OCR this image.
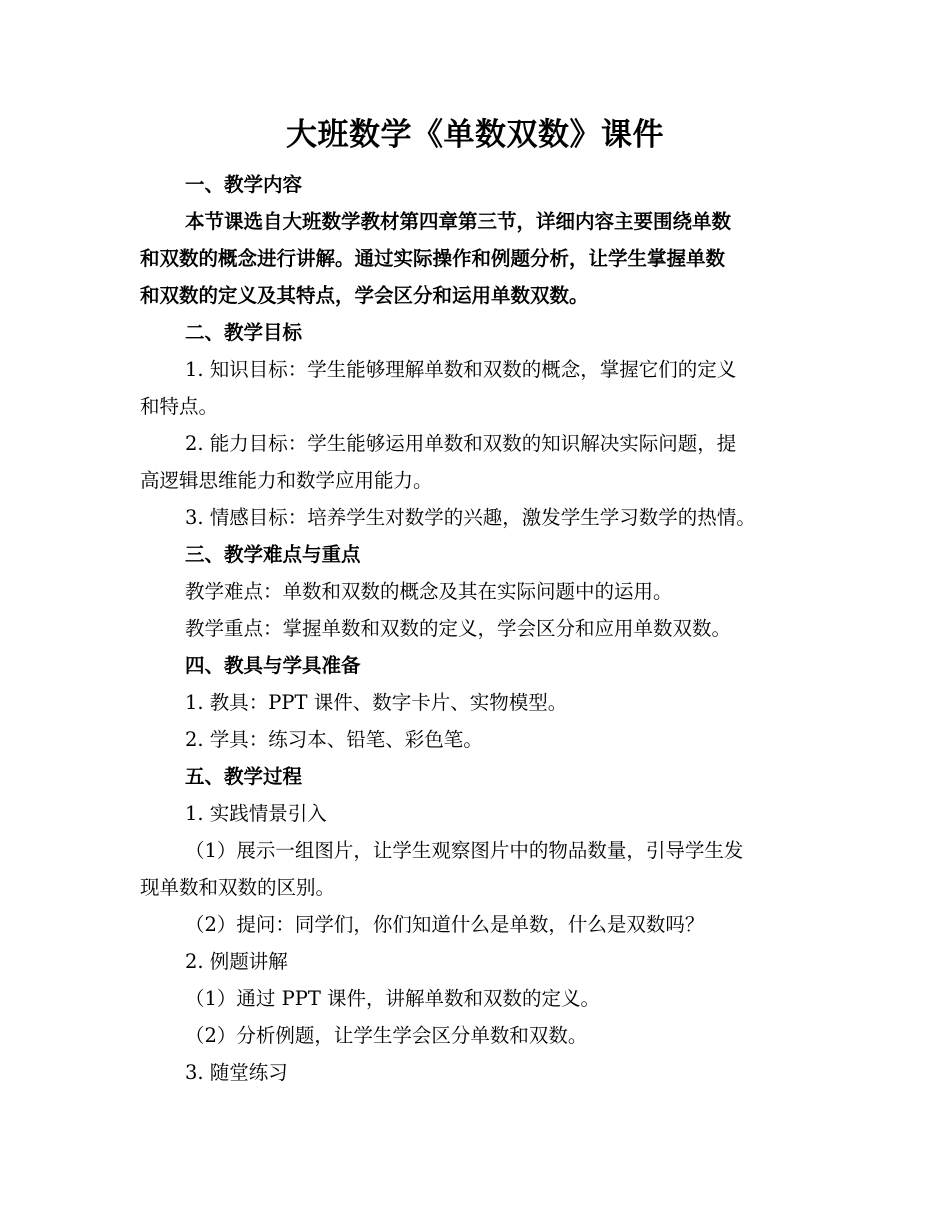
大班数学《单数双数》课件
一、教学内容
本节课选自大班数学教材第四章第三节，详细内容主要围绕单数
和双数的概念进行讲解。通过实际操作和例题分析，让学生掌握单数
和双数的定义及其特点，学会区分和运用单数双数。
二、教学目标
1. 知识目标：学生能够理解单数和双数的概念，掌握它们的定义
和特点。
2. 能力目标：学生能够运用单数和双数的知识解决实际问题，提
高逻辑思维能力和数学应用能力。
3. 情感目标：培养学生对数学的兴趣，激发学生学习数学的热情。
三、教学难点与重点
教学难点：单数和双数的概念及其在实际问题中的运用。
教学重点：掌握单数和双数的定义，学会区分和应用单数双数。
四、教具与学具准备
1. 教具：PPT 课件、数字卡片、实物模型。
2. 学具：练习本、铅笔、彩色笔。
五、教学过程
1. 实践情景引入
（1）展示一组图片，让学生观察图片中的物品数量，引导学生发
现单数和双数的区别。
（2）提问：同学们，你们知道什么是单数，什么是双数吗？
2. 例题讲解
（1）通过 PPT 课件，讲解单数和双数的定义。
（2）分析例题，让学生学会区分单数和双数。
3. 随堂练习
